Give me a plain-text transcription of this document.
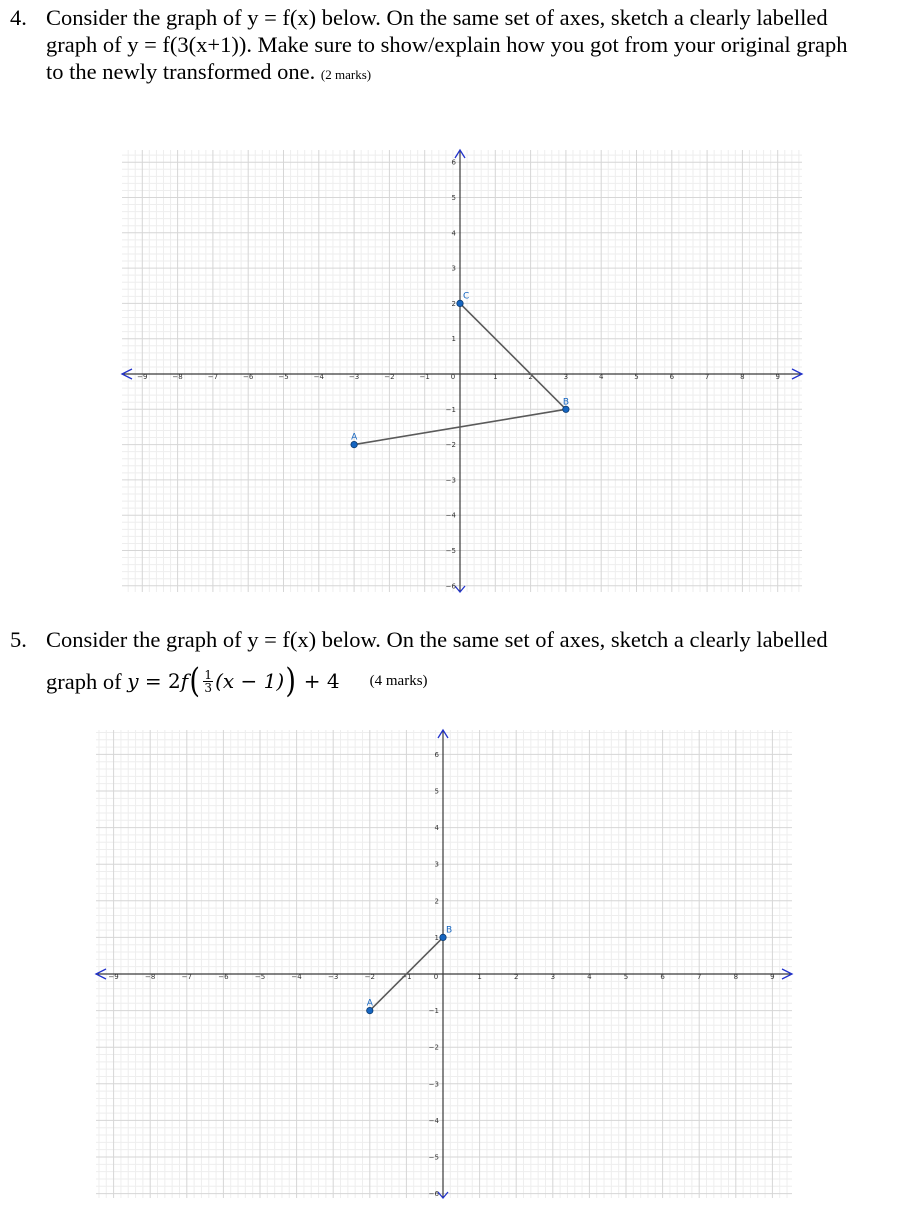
4. Consider the graph of y = f(x) below. On the same set of axes, sketch a clearly labelled
graph of y = f(3(x+1)). Make sure to show/explain how you got from your original graph
to the newly transformed one. (2 marks)
−9	−8	−7	−6	−5	−4	−3	−2	−1	0	1	2	3	4	5	6	7	8	9
−6
−5
−4
−3
−2
−1
1
2
3
4
5
6
A
B
C
5. Consider the graph of y = f(x) below. On the same set of axes, sketch a clearly labelled
graph of
y = 2 f ( $\frac{1}{3} (x - 1)$ ) + 4 (4 marks)
−9	−8	−7	−6	−5	−4	−3	−2	−1	0	1	2	3	4	5	6	7	8	9
−6
−5
−4
−3
−2
−1
1
2
3
4
5
6
A
B
